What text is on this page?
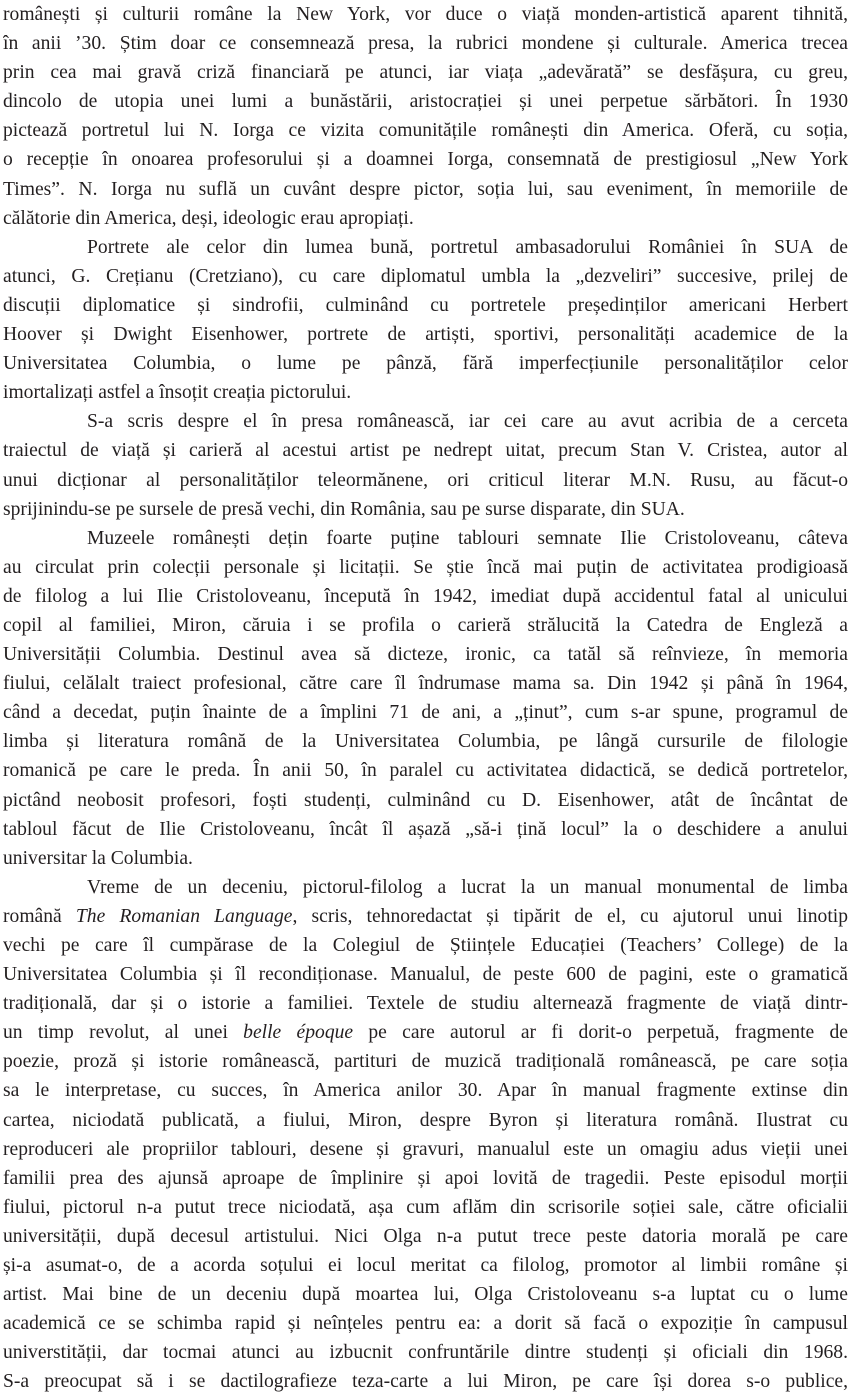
românești și culturii române la New York, vor duce o viață monden-artistică aparent tihnită,
în anii ’30. Știm doar ce consemnează presa, la rubrici mondene și culturale. America trecea
prin cea mai gravă criză financiară pe atunci, iar viața „adevărată” se desfășura, cu greu,
dincolo de utopia unei lumi a bunăstării, aristocrației și unei perpetue sărbători. În 1930
pictează portretul lui N. Iorga ce vizita comunitățile românești din America. Oferă, cu soția,
o recepție în onoarea profesorului și a doamnei Iorga, consemnată de prestigiosul „New York
Times”. N. Iorga nu suflă un cuvânt despre pictor, soția lui, sau eveniment, în memoriile de
călătorie din America, deși, ideologic erau apropiați.
Portrete ale celor din lumea bună, portretul ambasadorului României în SUA de
atunci, G. Crețianu (Cretziano), cu care diplomatul umbla la „dezveliri” succesive, prilej de
discuții diplomatice și sindrofii, culminând cu portretele președinților americani Herbert
Hoover și Dwight Eisenhower, portrete de artiști, sportivi, personalități academice de la
Universitatea Columbia, o lume pe pânză, fără imperfecțiunile personalităților celor
imortalizați astfel a însoțit creația pictorului.
S-a scris despre el în presa românească, iar cei care au avut acribia de a cerceta
traiectul de viață și carieră al acestui artist pe nedrept uitat, precum Stan V. Cristea, autor al
unui dicționar al personalităților teleormănene, ori criticul literar M.N. Rusu, au făcut-o
sprijinindu-se pe sursele de presă vechi, din România, sau pe surse disparate, din SUA.
Muzeele românești dețin foarte puține tablouri semnate Ilie Cristoloveanu, câteva
au circulat prin colecții personale și licitații. Se știe încă mai puțin de activitatea prodigioasă
de filolog a lui Ilie Cristoloveanu, începută în 1942, imediat după accidentul fatal al unicului
copil al familiei, Miron, căruia i se profila o carieră strălucită la Catedra de Engleză a
Universității Columbia. Destinul avea să dicteze, ironic, ca tatăl să reînvieze, în memoria
fiului, celălalt traiect profesional, către care îl îndrumase mama sa. Din 1942 și până în 1964,
când a decedat, puțin înainte de a împlini 71 de ani, a „ținut”, cum s-ar spune, programul de
limba și literatura română de la Universitatea Columbia, pe lângă cursurile de filologie
romanică pe care le preda. În anii 50, în paralel cu activitatea didactică, se dedică portretelor,
pictând neobosit profesori, foști studenți, culminând cu D. Eisenhower, atât de încântat de
tabloul făcut de Ilie Cristoloveanu, încât îl așază „să-i țină locul” la o deschidere a anului
universitar la Columbia.
Vreme de un deceniu, pictorul-filolog a lucrat la un manual monumental de limba
română The Romanian Language, scris, tehnoredactat și tipărit de el, cu ajutorul unui linotip
vechi pe care îl cumpărase de la Colegiul de Științele Educației (Teachers’ College) de la
Universitatea Columbia și îl recondiționase. Manualul, de peste 600 de pagini, este o gramatică
tradițională, dar și o istorie a familiei. Textele de studiu alternează fragmente de viață dintr-
un timp revolut, al unei belle époque pe care autorul ar fi dorit-o perpetuă, fragmente de
poezie, proză și istorie românească, partituri de muzică tradițională românească, pe care soția
sa le interpretase, cu succes, în America anilor 30. Apar în manual fragmente extinse din
cartea, niciodată publicată, a fiului, Miron, despre Byron și literatura română. Ilustrat cu
reproduceri ale propriilor tablouri, desene și gravuri, manualul este un omagiu adus vieții unei
familii prea des ajunsă aproape de împlinire și apoi lovită de tragedii. Peste episodul morții
fiului, pictorul n-a putut trece niciodată, așa cum aflăm din scrisorile soției sale, către oficialii
universității, după decesul artistului. Nici Olga n-a putut trece peste datoria morală pe care
și-a asumat-o, de a acorda soțului ei locul meritat ca filolog, promotor al limbii române și
artist. Mai bine de un deceniu după moartea lui, Olga Cristoloveanu s-a luptat cu o lume
academică ce se schimba rapid și neînțeles pentru ea: a dorit să facă o expoziție în campusul
universtității, dar tocmai atunci au izbucnit confruntările dintre studenți și oficiali din 1968.
S-a preocupat să i se dactilografieze teza-carte a lui Miron, pe care își dorea s-o publice,
